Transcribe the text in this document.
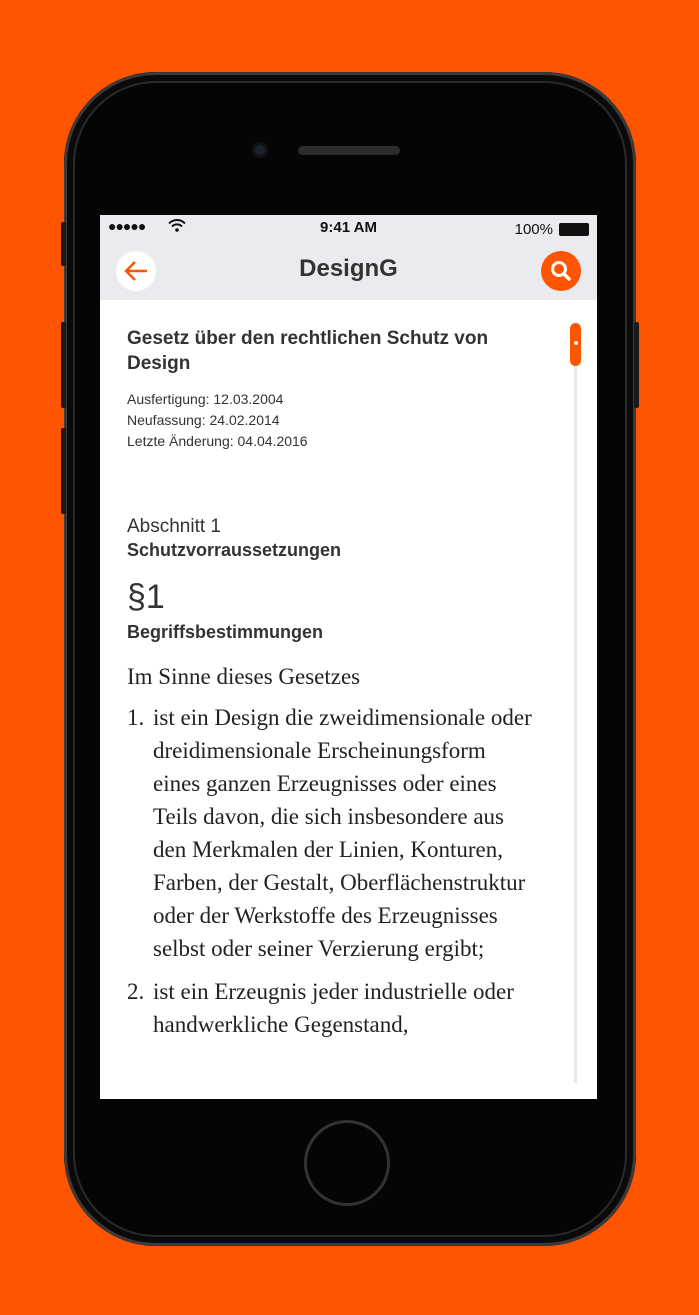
●●●●●	9:41 AM	100%
DesignG
Gesetz über den rechtlichen Schutz von Design
Ausfertigung: 12.03.2004
Neufassung: 24.02.2014
Letzte Änderung: 04.04.2016
Abschnitt 1
Schutzvorraussetzungen
§1
Begriffsbestimmungen
Im Sinne dieses Gesetzes
1. ist ein Design die zweidimensionale oder dreidimensionale Erscheinungsform eines ganzen Erzeugnisses oder eines Teils davon, die sich insbesondere aus den Merkmalen der Linien, Konturen, Farben, der Gestalt, Oberflächenstruktur oder der Werkstoffe des Erzeugnisses selbst oder seiner Verzierung ergibt;
2. ist ein Erzeugnis jeder industrielle oder handwerkliche Gegenstand,
